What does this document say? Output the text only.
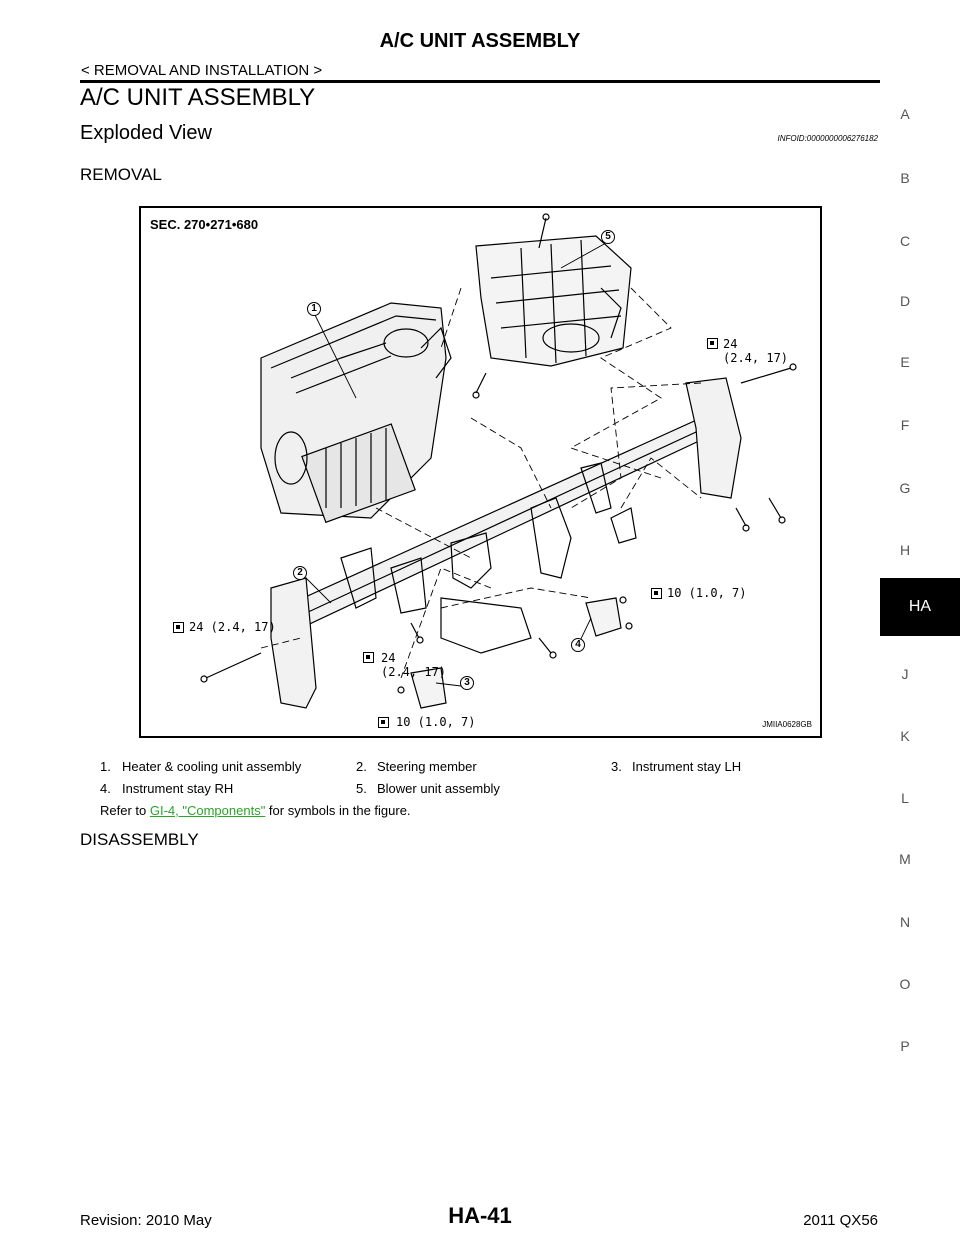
A/C UNIT ASSEMBLY
< REMOVAL AND INSTALLATION >
A/C UNIT ASSEMBLY
Exploded View	INFOID:0000000006276182
REMOVAL
A
B
C
D
E
F
G
H
HA
J
K
L
M
N
O
P
SEC. 270•271•680
1
2
3
4
5
24
(2.4, 17)
24 (2.4, 17)
24
(2.4, 17)
10 (1.0, 7)
10 (1.0, 7)	JMIIA0628GB
1. Heater & cooling unit assembly	2. Steering member	3. Instrument stay LH
4. Instrument stay RH	5. Blower unit assembly
Refer to GI-4, "Components" for symbols in the figure.
DISASSEMBLY
HA-41
Revision: 2010 May	2011 QX56
